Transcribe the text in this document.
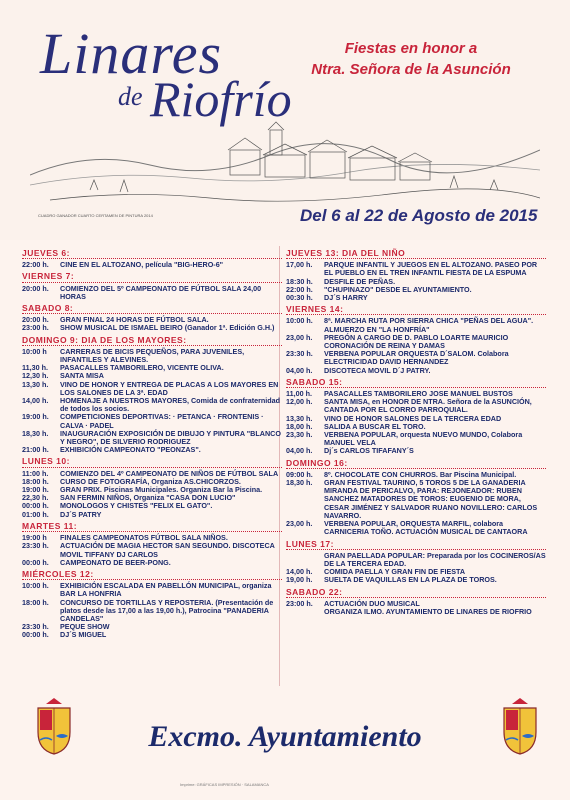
Linares
de Riofrío
Fiestas en honor a
Ntra. Señora de la Asunción
CUADRO GANADOR CUARTO CERTAMEN DE PINTURA 2014	Del 6 al 22 de Agosto de 2015
JUEVES 6:
22:00 h.	CINE EN EL ALTOZANO, película "BIG-HERO-6"
VIERNES 7:
20:00 h.	COMIENZO DEL 5º CAMPEONATO DE FÚTBOL SALA 24,00 HORAS
SABADO 8:
20:00 h.	GRAN FINAL 24 HORAS DE FÚTBOL SALA.
23:00 h.	SHOW MUSICAL DE ISMAEL BEIRO (Ganador 1ª. Edición G.H.)
DOMINGO 9: DIA DE LOS MAYORES:
10:00 h	CARRERAS DE BICIS PEQUEÑOS, PARA JUVENILES, INFANTILES Y ALEVINES.
11,30 h.	PASACALLES TAMBORILERO, VICENTE OLIVA.
12,30 h.	SANTA MISA
13,30 h.	VINO DE HONOR Y ENTREGA DE PLACAS A LOS MAYORES EN LOS SALONES DE LA 3ª. EDAD
14,00 h.	HOMENAJE A NUESTROS MAYORES, Comida de confraternidad de todos los socios.
19:00 h.	COMPETICIONES DEPORTIVAS: · PETANCA · FRONTENIS · CALVA · PADEL
18,30 h.	INAUGURACIÓN EXPOSICIÓN DE DIBUJO Y PINTURA "BLANCO Y NEGRO", DE SILVERIO RODRIGUEZ
21:00 h.	EXHIBICIÓN CAMPEONATO "PEONZAS".
LUNES 10:
11:00 h.	COMIENZO DEL 4º CAMPEONATO DE NIÑOS DE FÚTBOL SALA
18:00 h.	CURSO DE FOTOGRAFÍA, Organiza AS.CHICORZOS.
19:00 h.	GRAN PRIX. Piscinas Municipales. Organiza Bar la Piscina.
22,30 h.	SAN FERMIN NIÑOS, Organiza "CASA DON LUCIO"
00:00 h.	MONOLOGOS Y CHISTES "FELIX EL GATO".
01:00 h.	DJ´S PATRY
MARTES 11:
19:00 h	FINALES CAMPEONATOS FÚTBOL SALA NIÑOS.
23:30 h.	ACTUACIÓN DE MAGIA HECTOR SAN SEGUNDO. DISCOTECA MOVIL TIFFANY DJ CARLOS
00:00 h.	CAMPEONATO DE BEER-PONG.
MIÉRCOLES 12:
10:00 h.	EXHIBICIÓN ESCALADA EN PABELLÓN MUNICIPAL, organiza BAR LA HONFRIA
18:00 h.	CONCURSO DE TORTILLAS Y REPOSTERIA. (Presentación de platos desde las 17,00 a las 19,00 h.), Patrocina "PANADERIA CANDELAS"
23:30 h.	PEQUE SHOW
00:00 h.	DJ´S MIGUEL
JUEVES 13: DIA DEL NIÑO
17,00 h.	PARQUE INFANTIL Y JUEGOS EN EL ALTOZANO. PASEO POR EL PUEBLO EN EL TREN INFANTIL FIESTA DE LA ESPUMA
18:30 h.	DESFILE DE PEÑAS.
22:00 h.	"CHUPINAZO" DESDE EL AYUNTAMIENTO.
00:30 h.	DJ´S HARRY
VIERNES 14:
10:00 h.	8ª. MARCHA RUTA POR SIERRA CHICA "PEÑAS DEL AGUA". ALMUERZO EN "LA HONFRÍA"
23,00 h.	PREGÓN A CARGO DE D. PABLO LOARTE MAURICIO CORONACIÓN DE REINA Y DAMAS
23:30 h.	VERBENA POPULAR ORQUESTA D´SALOM. Colabora ELECTRICIDAD DAVID HERNANDEZ
04,00 h.	DISCOTECA MOVIL D´J PATRY.
SABADO 15:
11,00 h.	PASACALLES TAMBORILERO JOSE MANUEL BUSTOS
12,00 h.	SANTA MISA, en HONOR DE NTRA. Señora de la ASUNCIÓN, CANTADA POR EL CORRO PARROQUIAL.
13,30 h.	VINO DE HONOR SALONES DE LA TERCERA EDAD
18,00 h.	SALIDA A BUSCAR EL TORO.
23,30 h.	VERBENA POPULAR, orquesta NUEVO MUNDO, Colabora MANUEL VELA
04,00 h.	Dj´s CARLOS TIFAFANY´S
DOMINGO 16:
09:00 h.	8º. CHOCOLATE CON CHURROS. Bar Piscina Municipal.
18,30 h.	GRAN FESTIVAL TAURINO, 5 TOROS 5 DE LA GANADERIA MIRANDA DE PERICALVO, PARA: REJONEADOR: RUBEN SANCHEZ MATADORES DE TOROS: EUGENIO DE MORA, CESAR JIMÉNEZ Y SALVADOR RUANO NOVILLERO: CARLOS NAVARRO.
23,00 h.	VERBENA POPULAR, ORQUESTA MARFIL, colabora CARNICERIA TOÑO. ACTUACIÓN MUSICAL DE CANTAORA
LUNES 17:
GRAN PAELLADA POPULAR: Preparada por los COCINEROS/AS DE LA TERCERA EDAD.
14,00 h.	COMIDA PAELLA Y GRAN FIN DE FIESTA
19,00 h.	SUELTA DE VAQUILLAS EN LA PLAZA DE TOROS.
SABADO 22:
23:00 h.	ACTUACIÓN DUO MUSICAL
ORGANIZA ILMO. AYUNTAMIENTO DE LINARES DE RIOFRIO
Excmo. Ayuntamiento
Imprime: GRÁFICAS IMPRESIÓN · SALAMANCA
